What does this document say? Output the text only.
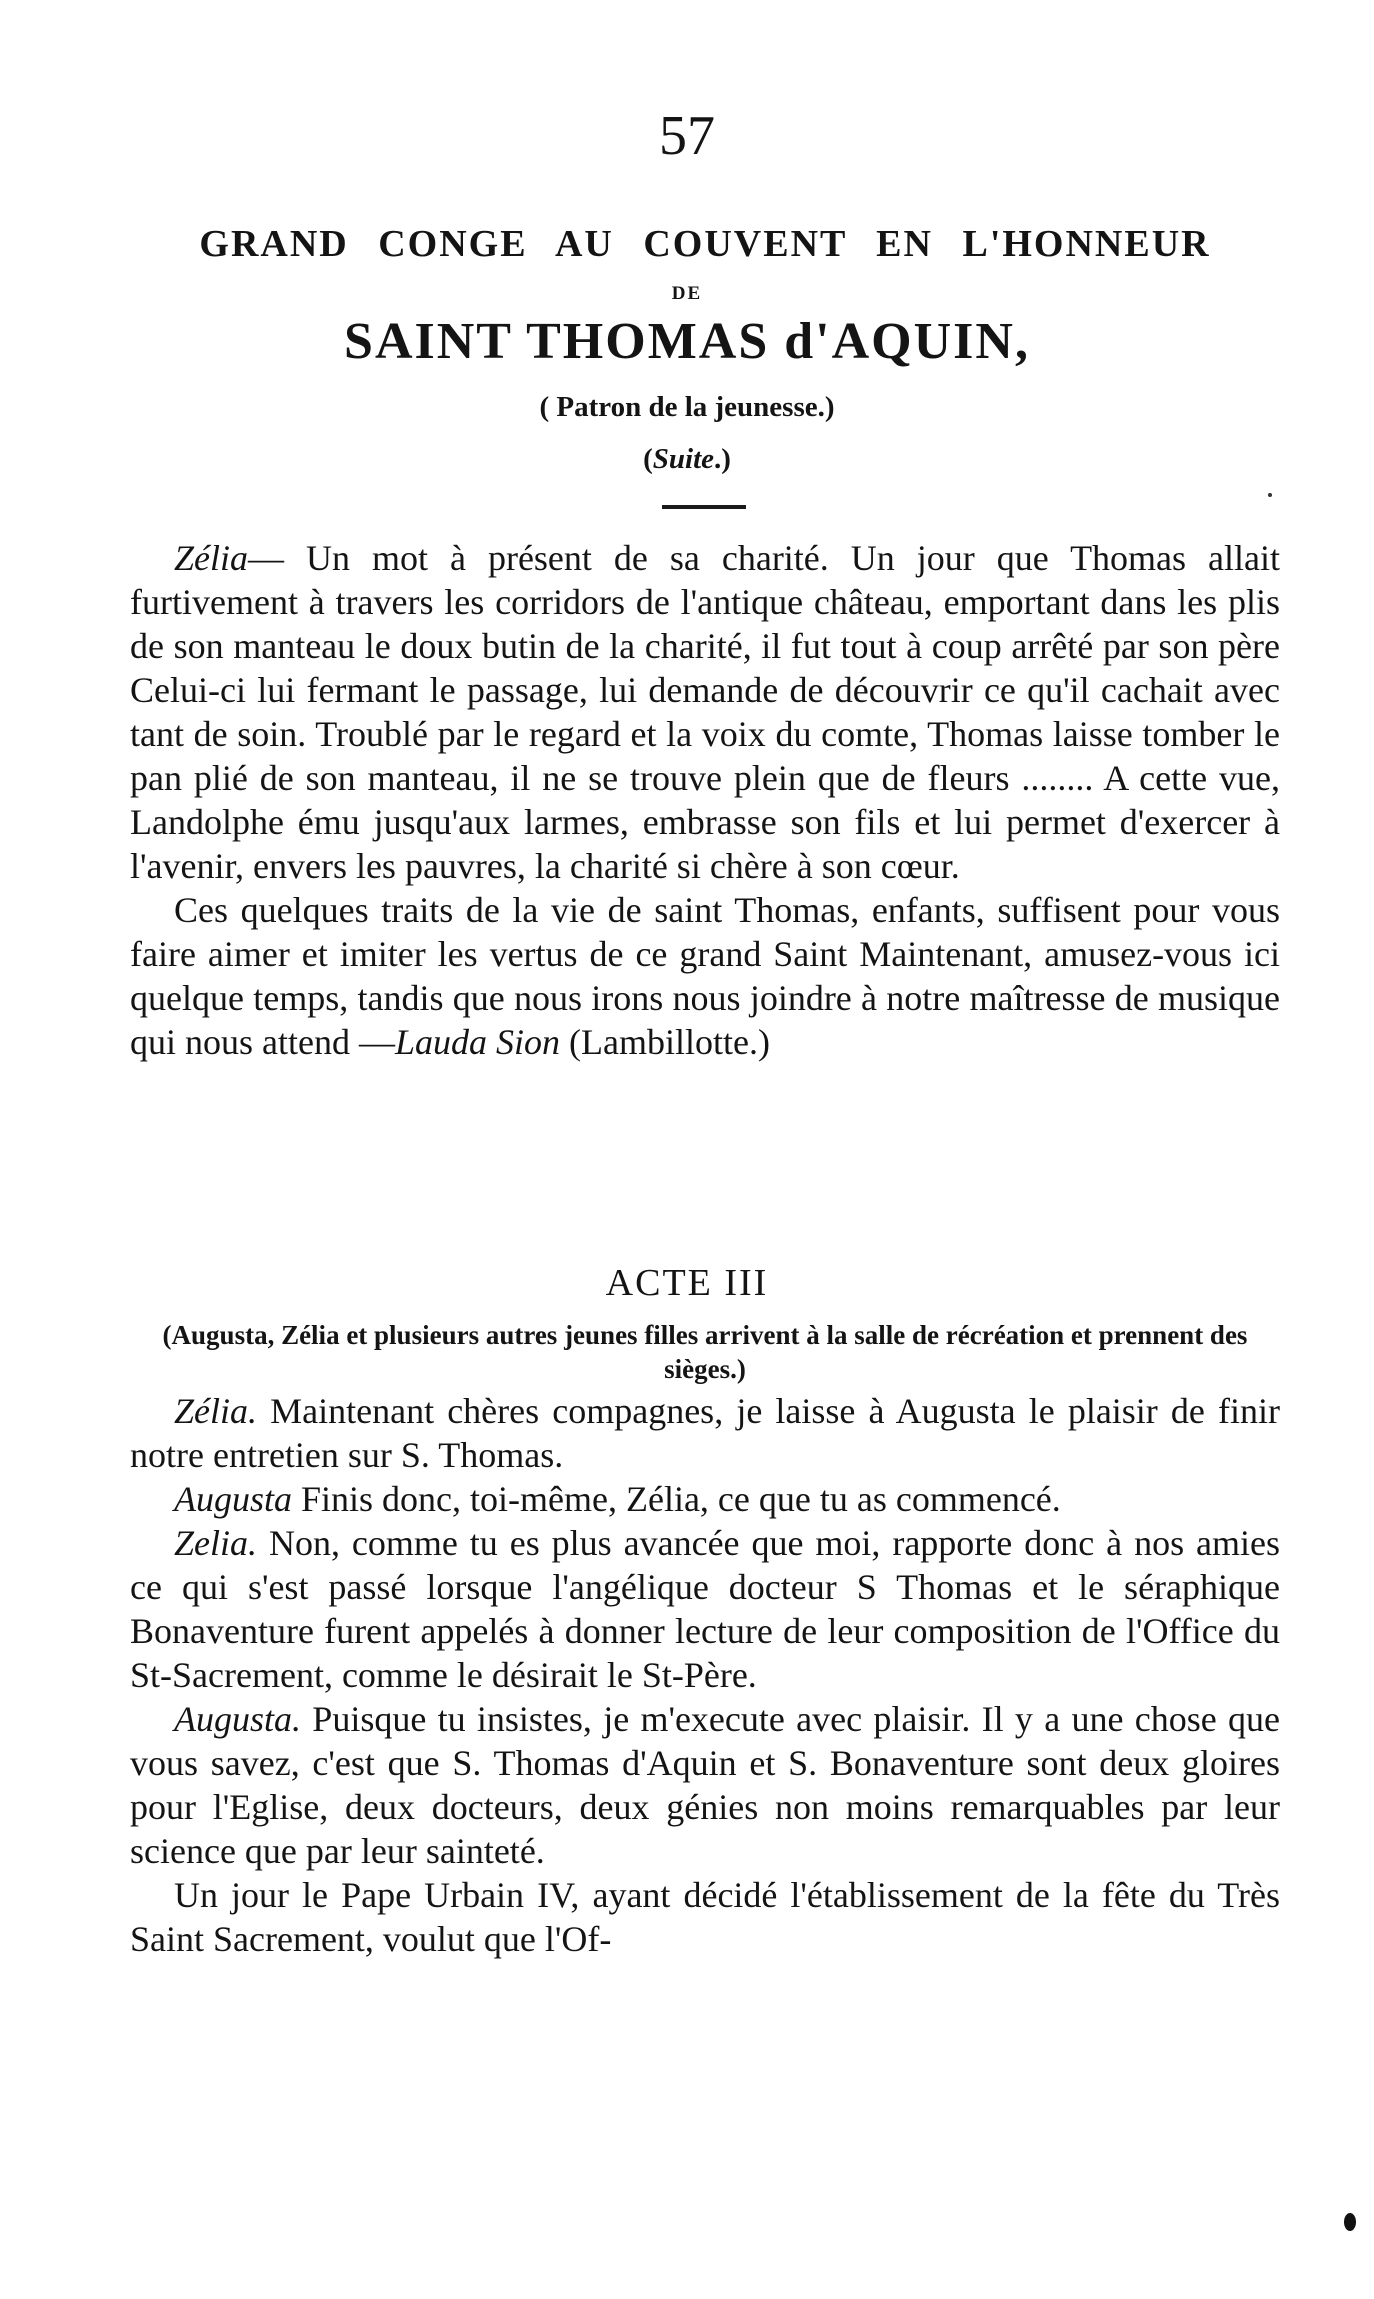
57
GRAND CONGE AU COUVENT EN L'HONNEUR
DE
SAINT THOMAS d'AQUIN,
( Patron de la jeunesse.)
(Suite.)

Zélia— Un mot à présent de sa charité. Un jour que Thomas allait furtivement à travers les corridors de l'antique château, emportant dans les plis de son manteau le doux butin de la charité, il fut tout à coup arrêté par son père Celui-ci lui fermant le passage, lui demande de découvrir ce qu'il cachait avec tant de soin. Troublé par le regard et la voix du comte, Thomas laisse tomber le pan plié de son manteau, il ne se trouve plein que de fleurs ........ A cette vue, Landolphe ému jusqu'aux larmes, embrasse son fils et lui permet d'exercer à l'avenir, envers les pauvres, la charité si chère à son cœur.

Ces quelques traits de la vie de saint Thomas, enfants, suffisent pour vous faire aimer et imiter les vertus de ce grand Saint Maintenant, amusez-vous ici quelque temps, tandis que nous irons nous joindre à notre maîtresse de musique qui nous attend —Lauda Sion (Lambillotte.)

ACTE III
(Augusta, Zélia et plusieurs autres jeunes filles arrivent à la salle de récréation et prennent des sièges.)

Zélia. Maintenant chères compagnes, je laisse à Augusta le plaisir de finir notre entretien sur S. Thomas.

Augusta Finis donc, toi-même, Zélia, ce que tu as commencé.

Zelia. Non, comme tu es plus avancée que moi, rapporte donc à nos amies ce qui s'est passé lorsque l'angélique docteur S Thomas et le séraphique Bonaventure furent appelés à donner lecture de leur composition de l'Office du St-Sacrement, comme le désirait le St-Père.

Augusta. Puisque tu insistes, je m'execute avec plaisir. Il y a une chose que vous savez, c'est que S. Thomas d'Aquin et S. Bonaventure sont deux gloires pour l'Eglise, deux docteurs, deux génies non moins remarquables par leur science que par leur sainteté.

Un jour le Pape Urbain IV, ayant décidé l'établissement de la fête du Très Saint Sacrement, voulut que l'Of-
